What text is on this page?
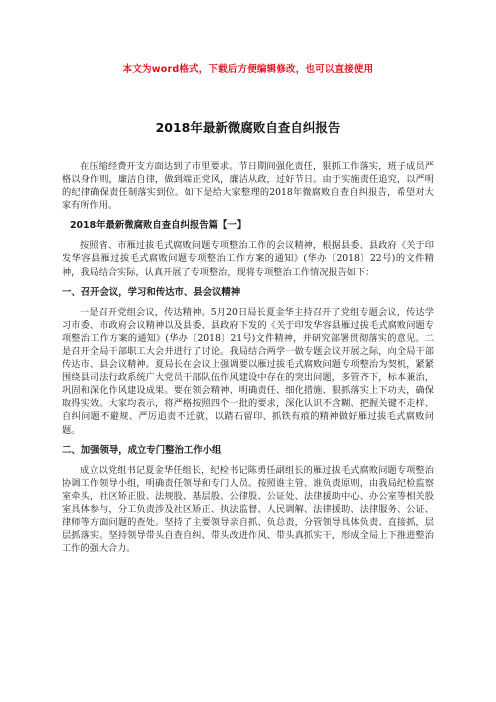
本文为word格式，下载后方便编辑修改，也可以直接使用
2018年最新微腐败自查自纠报告

在压缩经费开支方面达到了市里要求。节日期间强化责任，狠抓工作落实，班子成员严格以身作则，廉洁自律，做到端正党风，廉洁从政，过好节日。由于实施责任追究，以严明的纪律确保责任制落实到位。如下是给大家整理的2018年微腐败自查自纠报告，希望对大家有所作用。

2018年最新微腐败自查自纠报告篇【一】

按照省、市雁过拔毛式腐败问题专项整治工作的会议精神，根据县委、县政府《关于印发华容县雁过拔毛式腐败问题专项整治工作方案的通知》(华办〔2018〕22号)的文件精神，我局结合实际，认真开展了专项整治，现将专项整治工作情况报告如下：

一、召开会议，学习和传达市、县会议精神

一是召开党组会议，传达精神。5月20日局长夏金华主持召开了党组专题会议，传达学习市委、市政府会议精神以及县委、县政府下发的《关于印发华容县雁过拔毛式腐败问题专项整治工作方案的通知》(华办〔2018〕21号)文件精神，并研究部署贯彻落实的意见。二是召开全局干部职工大会并进行了讨论。我局结合两学一做专题会议开展之际，向全局干部传达市、县会议精神。夏局长在会议上强调要以雁过拔毛式腐败问题专项整治为契机，紧紧围绕县司法行政系统广大党员干部队伍作风建设中存在的突出问题，多管齐下，标本兼治，巩固和深化作风建设成果。要在领会精神、明确责任、细化措施、狠抓落实上下功夫，确保取得实效。大家均表示，将严格按照四个一批的要求，深化认识不含糊、把握关键不走样、自纠问题不避规、严厉追责不迁就，以踏石留印、抓铁有痕的精神做好雁过拔毛式腐败问题。

二、加强领导，成立专门整治工作小组

成立以党组书记夏金华任组长，纪检书记陈勇任副组长的雁过拔毛式腐败问题专项整治协调工作领导小组，明确责任领导和专门人员。按照谁主管、谁负责原则，由我局纪检监察室牵头，社区矫正股、法规股、基层股、公律股、公证处、法律援助中心、办公室等相关股室具体参与，分工负责涉及社区矫正、执法监督、人民调解、法律援助、法律服务、公证、律师等方面问题的查处。坚持了主要领导亲自抓、负总责，分管领导具体负责、直接抓，层层抓落实。坚持领导带头自查自纠、带头改进作风、带头真抓实干，形成全局上下推进整治工作的强大合力。
